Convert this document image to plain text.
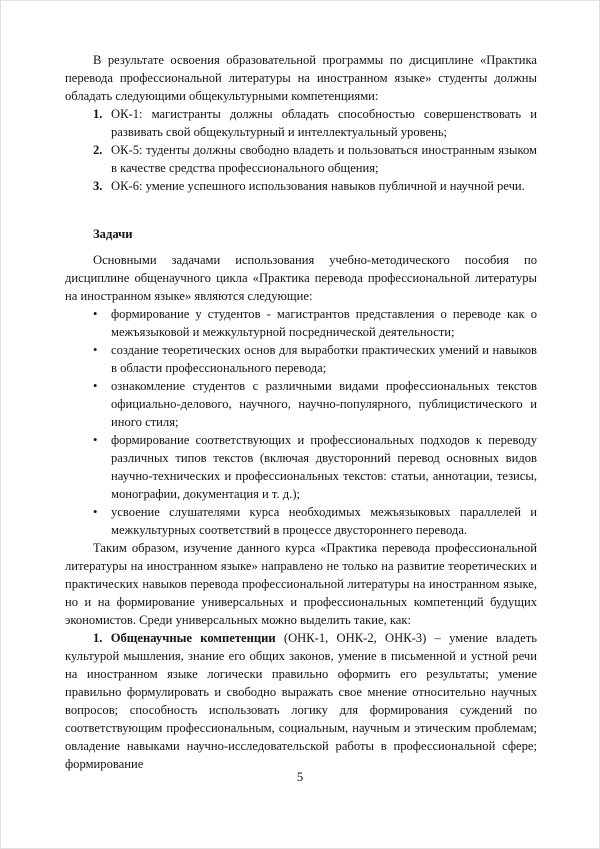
В результате освоения образовательной программы по дисциплине «Практика перевода профессиональной литературы на иностранном языке» студенты должны обладать следующими общекультурными компетенциями:

1. ОК-1: магистранты должны обладать способностью совершенствовать и развивать свой общекультурный и интеллектуальный уровень;
2. ОК-5: туденты должны свободно владеть и пользоваться иностранным языком в качестве средства профессионального общения;
3. ОК-6: умение успешного использования навыков публичной и научной речи.

Задачи

Основными задачами использования учебно-методического пособия по дисциплине общенаучного цикла «Практика перевода профессиональной литературы на иностранном языке» являются следующие:

• формирование у студентов - магистрантов представления о переводе как о межъязыковой и межкультурной посреднической деятельности;
• создание теоретических основ для выработки практических умений и навыков в области профессионального перевода;
• ознакомление студентов с различными видами профессиональных текстов официально-делового, научного, научно-популярного, публицистического и иного стиля;
• формирование соответствующих и профессиональных подходов к переводу различных типов текстов (включая двусторонний перевод основных видов научно-технических и профессиональных текстов: статьи, аннотации, тезисы, монографии, документация и т. д.);
• усвоение слушателями курса необходимых межъязыковых параллелей и межкультурных соответствий в процессе двустороннего перевода.

Таким образом, изучение данного курса «Практика перевода профессиональной литературы на иностранном языке» направлено не только на развитие теоретических и практических навыков перевода профессиональной литературы на иностранном языке, но и на формирование универсальных и профессиональных компетенций будущих экономистов. Среди универсальных можно выделить такие, как:

1. Общенаучные компетенции (ОНК-1, ОНК-2, ОНК-3) – умение владеть культурой мышления, знание его общих законов, умение в письменной и устной речи на иностранном языке логически правильно оформить его результаты; умение правильно формулировать и свободно выражать свое мнение относительно научных вопросов; способность использовать логику для формирования суждений по соответствующим профессиональным, социальным, научным и этическим проблемам; овладение навыками научно-исследовательской работы в профессиональной сфере; формирование

5
